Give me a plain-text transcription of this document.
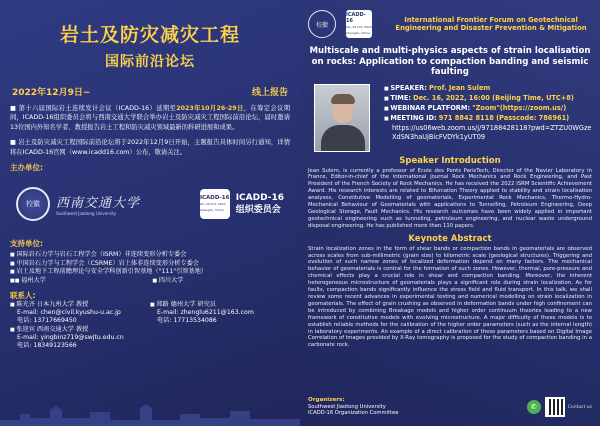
岩土及防灾减灾工程
国际前沿论坛
2022年12月9日~	线上报告

■ 第十六届国际岩土连续发计会议（ICADD-16）延期至2023年10月26-29日，在筹定会议期间，ICADD-16组织委员会将与西南交通大学联合举办岩土及防灾减灾工程国际前沿论坛，届时邀请13位国内外知名学者、教授报告岩土工程和防灾减灾领域最新的科研进展和成果。

■ 岩土及防灾减灾工程国际前沿论坛将于2022年12月9日开始，主题报告具体时间另行通知，详情将在ICADD-16官网（www.icadd16.com）公布，敬请关注。

主办单位:
校徽	西南交通大学
Southwest Jiaotong University
ICADD-16
26~29 Oct, 2023 Chengdu, China
ICADD-16
组织委员会
支持单位:
■ 国际岩石力学与岩石工程学会（ISRM）非连续变形分析专委会
■ 中国岩石力学与工程学会（CSRME）岩土体非连续变形分析专委会
■ 岩土及地下工程前瞻理论与安全学科创新引智基地（"111"引智基地）
■ ■ 福州大学
■	四川大学
联系人:
■ 陈光齐 日本九州大学 教授
E-mail: chen@civil.kyushu-u.ac.jp
电话: 13717669450
■ 张迎宾 西南交通大学 教授
E-mail: yingbinz719@swjtu.edu.cn
电话: 18349123566
■ 郑路 德州大学 研究员
E-mail: zhenglu6211@163.com
电话: 17713534086
校徽
ICADD-16
26~29 Oct, 2023 Chengdu, China
International Frontier Forum on Geotechnical Engineering and Disaster Prevention & Mitigation
Multiscale and multi-physics aspects of strain localisation on rocks: Application to compaction banding and seismic faulting
■ SPEAKER: Prof. Jean Sulem
■ TIME: Dec. 16, 2022, 16:00 (Beijing Time, UTC+8)
■ WEBINAR PLATFORM: "Zoom"(https://zoom.us/)
■ MEETING ID: 971 8842 8118 (Passcode: 786961)
https://us06web.zoom.us/j/97188428118?pwd=ZTZU0WGzeXdSN3haUjBicFVDYk1yUT09
Speaker Introduction

Jean Sulem, is currently a professor of Ecole des Ponts ParisTech, Director of the Navier Laboratory in France, Editor-in-chief of the international journal Rock Mechanics and Rock Engineering, and Past President of the French Society of Rock Mechanics. He has received the 2022 ISRM Scientific Achievement Award. His research interests are related to Bifurcation Theory applied to stability and strain localisation analyses, Constitutive Modelling of geomaterials, Experimental Rock Mechanics, Thermo-Hydro-Mechanical Behaviour of Geomaterials with applications to Tunnelling, Petroleum Engineering, Deep Geological Storage, Fault Mechanics. His research outcomes have been widely applied in important geotechnical engineering such as tunneling, petroleum engineering, and nuclear waste underground disposal engineering. He has published more than 110 papers.

Keynote Abstract

Strain localization zones in the form of shear bands or compaction bands in geomaterials are observed across scales from sub-millimetric (grain size) to kilometric scale (geological structures). Triggering and evolution of such narrow zones of localized deformation depend on many factors. The mechanical behavior of geomaterials is central for the formation of such zones. However, thermal, pore-pressure and chemical effects play a crucial role in shear and compaction banding. Moreover, the inherent heterogeneous microstructure of geomaterials plays a significant role during strain localization. As for faults, compaction bands significantly influence the stress field and fluid transport. In this talk, we shall review some recent advances in experimental testing and numerical modelling on strain localization in geomaterials. The effect of grain crushing as observed in deformation bands under high confinement can be introduced by combining Breakage models and higher order continuum theories leading to a new framework of constitutive models with evolving microstructure. A major difficulty of these models is to establish reliable methods for the calibration of the higher order parameters (such as the internal length) in laboratory experiments. An example of a direct calibration of these parameters based on Digital Image Correlation of images provided by X-Ray tomography is proposed for the study of compaction banding in a carbonate rock.

Organizers:
Southwest Jiaotong University
ICADD-16 Organization Committee
✆	Contact us
